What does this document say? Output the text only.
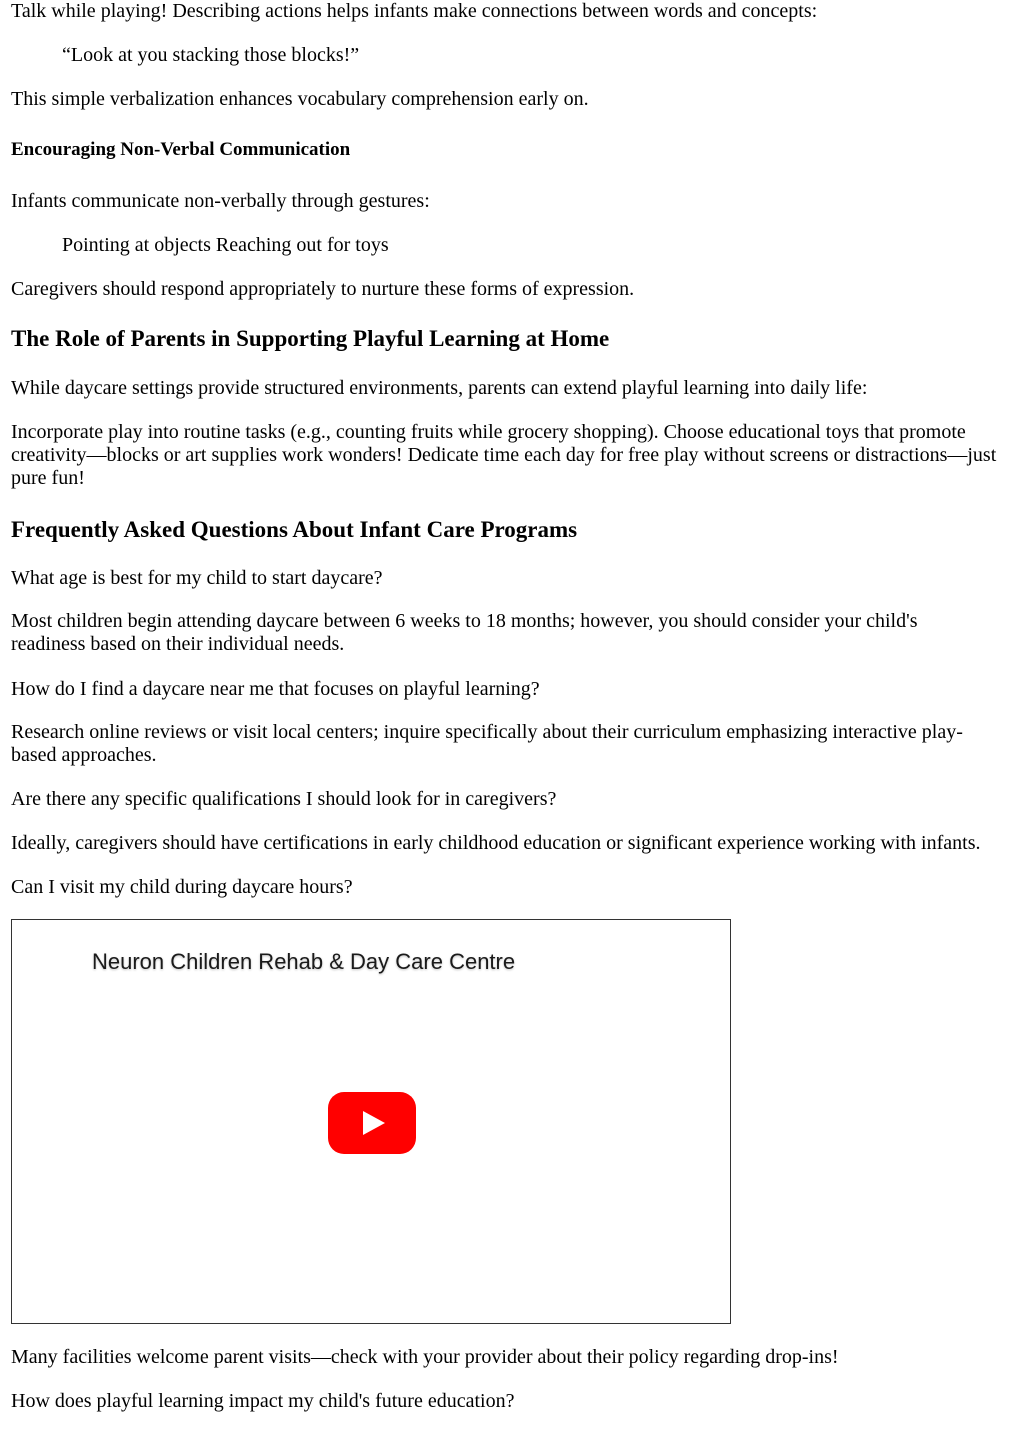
Talk while playing! Describing actions helps infants make connections between words and concepts:

“Look at you stacking those blocks!”

This simple verbalization enhances vocabulary comprehension early on.

Encouraging Non-Verbal Communication

Infants communicate non-verbally through gestures:

Pointing at objects Reaching out for toys

Caregivers should respond appropriately to nurture these forms of expression.

The Role of Parents in Supporting Playful Learning at Home

While daycare settings provide structured environments, parents can extend playful learning into daily life:

Incorporate play into routine tasks (e.g., counting fruits while grocery shopping). Choose educational toys that promote creativity—blocks or art supplies work wonders! Dedicate time each day for free play without screens or distractions—just pure fun!

Frequently Asked Questions About Infant Care Programs

What age is best for my child to start daycare?

Most children begin attending daycare between 6 weeks to 18 months; however, you should consider your child's readiness based on their individual needs.

How do I find a daycare near me that focuses on playful learning?

Research online reviews or visit local centers; inquire specifically about their curriculum emphasizing interactive play-based approaches.

Are there any specific qualifications I should look for in caregivers?

Ideally, caregivers should have certifications in early childhood education or significant experience working with infants.

Can I visit my child during daycare hours?

Neuron Children Rehab & Day Care Centre

Many facilities welcome parent visits—check with your provider about their policy regarding drop-ins!

How does playful learning impact my child's future education?
